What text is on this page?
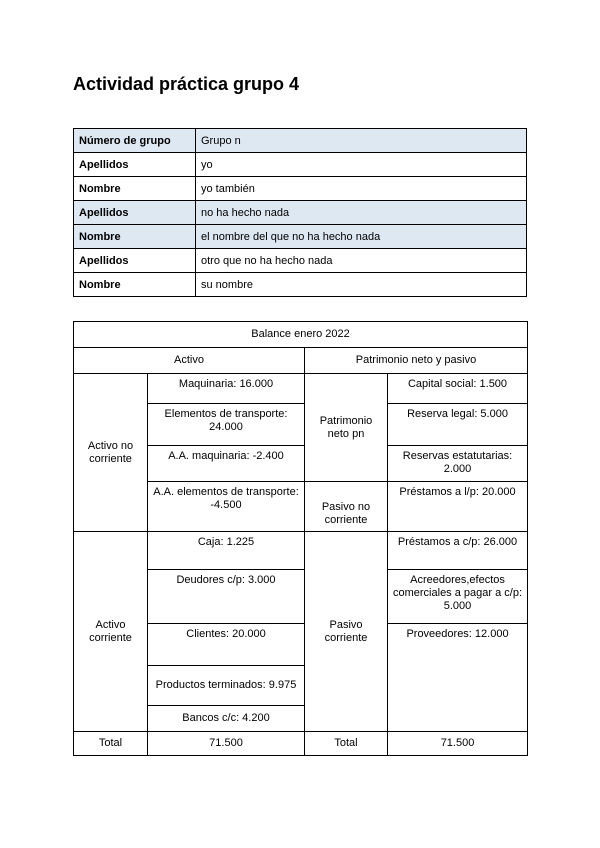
Actividad práctica grupo 4
Número de grupo	Grupo n
Apellidos	yo
Nombre	yo también
Apellidos	no ha hecho nada
Nombre	el nombre del que no ha hecho nada
Apellidos	otro que no ha hecho nada
Nombre	su nombre
Balance enero 2022			
Activo		Patrimonio neto y pasivo	
Activo no corriente	Maquinaria: 16.000	Patrimonio neto pn	Capital social: 1.500
	Elementos de transporte: 24.000		Reserva legal: 5.000
	A.A. maquinaria: -2.400		Reservas estatutarias: 2.000
	A.A. elementos de transporte: -4.500	Pasivo no corriente	Préstamos a l/p: 20.000
Activo corriente	Caja: 1.225	Pasivo corriente	Préstamos a c/p: 26.000
	Deudores c/p: 3.000		Acreedores,efectos comerciales a pagar a c/p: 5.000
	Clientes: 20.000		Proveedores: 12.000
	Productos terminados: 9.975		
	Bancos c/c: 4.200		
Total	71.500	Total	71.500
